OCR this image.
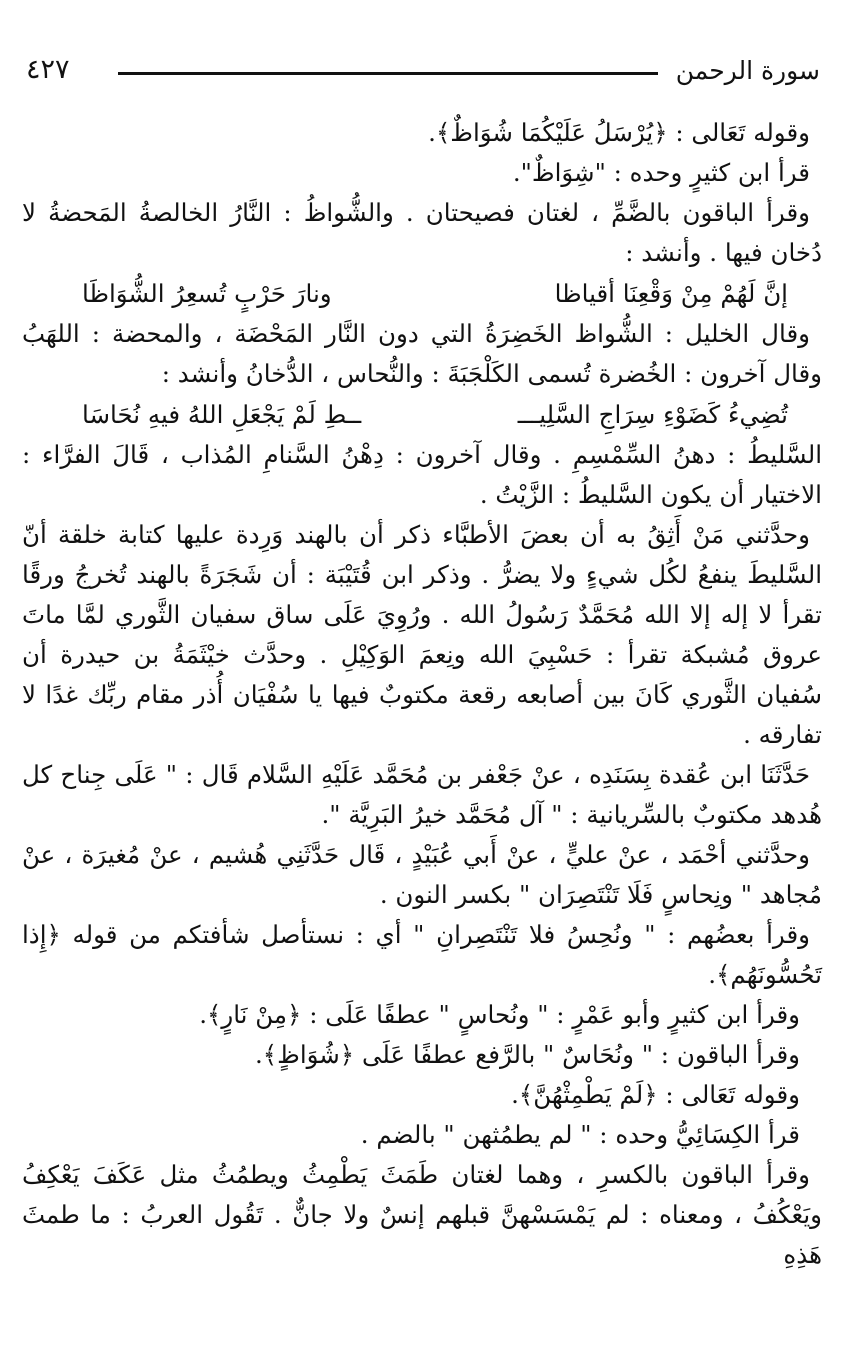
سورة الرحمن
٤٢٧

وقوله تَعَالى : ﴿يُرْسَلُ عَلَيْكُمَا شُوَاظٌ﴾.

قرأ ابن كثيرٍ وحده : "شِوَاظٌ".

وقرأ الباقون بالضَّمِّ ، لغتان فصيحتان . والشُّواظُ : النَّارُ الخالصةُ المَحضةُ لا دُخان فيها . وأنشد :

إنَّ لَهُمْ مِنْ وَقْعِنَا أقياظا
ونارَ حَرْبٍ تُسعِرُ الشُّوَاظَا

وقال الخليل : الشُّواظ الخَضِرَةُ التي دون النَّار المَحْضَة ، والمحضة : اللهَبُ وقال آخرون : الخُضرة تُسمى الكَلْجَبَةَ : والنُّحاس ، الدُّخانُ وأنشد :

تُضِيءُ كَضَوْءِ سِرَاجِ السَّلِيـــ
ــطِ لَمْ يَجْعَلِ اللهُ فيهِ نُحَاسَا

السَّليطُ : دهنُ السِّمْسِمِ . وقال آخرون : دِهْنُ السَّنامِ المُذاب ، قَالَ الفرَّاء : الاختيار أن يكون السَّليطُ : الزَّيْتُ .

وحدَّثني مَنْ أَثِقُ به أن بعضَ الأطبَّاء ذكر أن بالهند وَرِدة عليها كتابة خلقة أنّ السَّليطَ ينفعُ لكُل شيءٍ ولا يضرُّ . وذكر ابن قُتَيْبَة : أن شَجَرَةً بالهند تُخرجُ ورقًا تقرأ لا إله إلا الله مُحَمَّدٌ رَسُولُ الله . ورُوِيَ عَلَى ساق سفيان الثَّوري لمَّا ماتَ عروق مُشبكة تقرأ : حَسْبِيَ الله ونِعمَ الوَكِيْلِ . وحدَّث خيْثَمَةُ بن حيدرة أن سُفيان الثَّوري كَانَ بين أصابعه رقعة مكتوبٌ فيها يا سُفْيَان أُذر مقام ربِّك غدًا لا تفارقه .

حَدَّثَنَا ابن عُقدة بِسَنَدِه ، عنْ جَعْفر بن مُحَمَّد عَلَيْهِ السَّلام قَال : " عَلَى جِناح كل هُدهد مكتوبٌ بالسِّريانية : " آل مُحَمَّد خيرُ البَرِيَّة ".

وحدَّثني أحْمَد ، عنْ عليٍّ ، عنْ أَبي عُبَيْدٍ ، قَال حَدَّثَنِي هُشيم ، عنْ مُغيرَة ، عنْ مُجاهد " ونِحاسٍ فَلَا تَنْتَصِرَان " بكسر النون .

وقرأ بعضُهم : " ونُحِسُ فلا تَنْتَصِرانِ " أي : نستأصل شأفتكم من قوله ﴿إِذا تَحُسُّونَهُم﴾.

وقرأ ابن كثيرٍ وأبو عَمْرٍ : " ونُحاسٍ " عطفًا عَلَى : ﴿مِنْ نَارٍ﴾.

وقرأ الباقون : " ونُحَاسٌ " بالرَّفع عطفًا عَلَى ﴿شُوَاظٍ﴾.

وقوله تَعَالى : ﴿لَمْ يَطْمِثْهُنَّ﴾.

قرأ الكِسَائِيُّ وحده : " لم يطمُثهن " بالضم .

وقرأ الباقون بالكسرِ ، وهما لغتان طَمَثَ يَطْمِثُ ويطمُثُ مثل عَكَفَ يَعْكِفُ ويَعْكُفُ ، ومعناه : لم يَمْسَسْهنَّ قبلهم إنسٌ ولا جانٌّ . تَقُول العربُ : ما طمثَ هَذِهِ
